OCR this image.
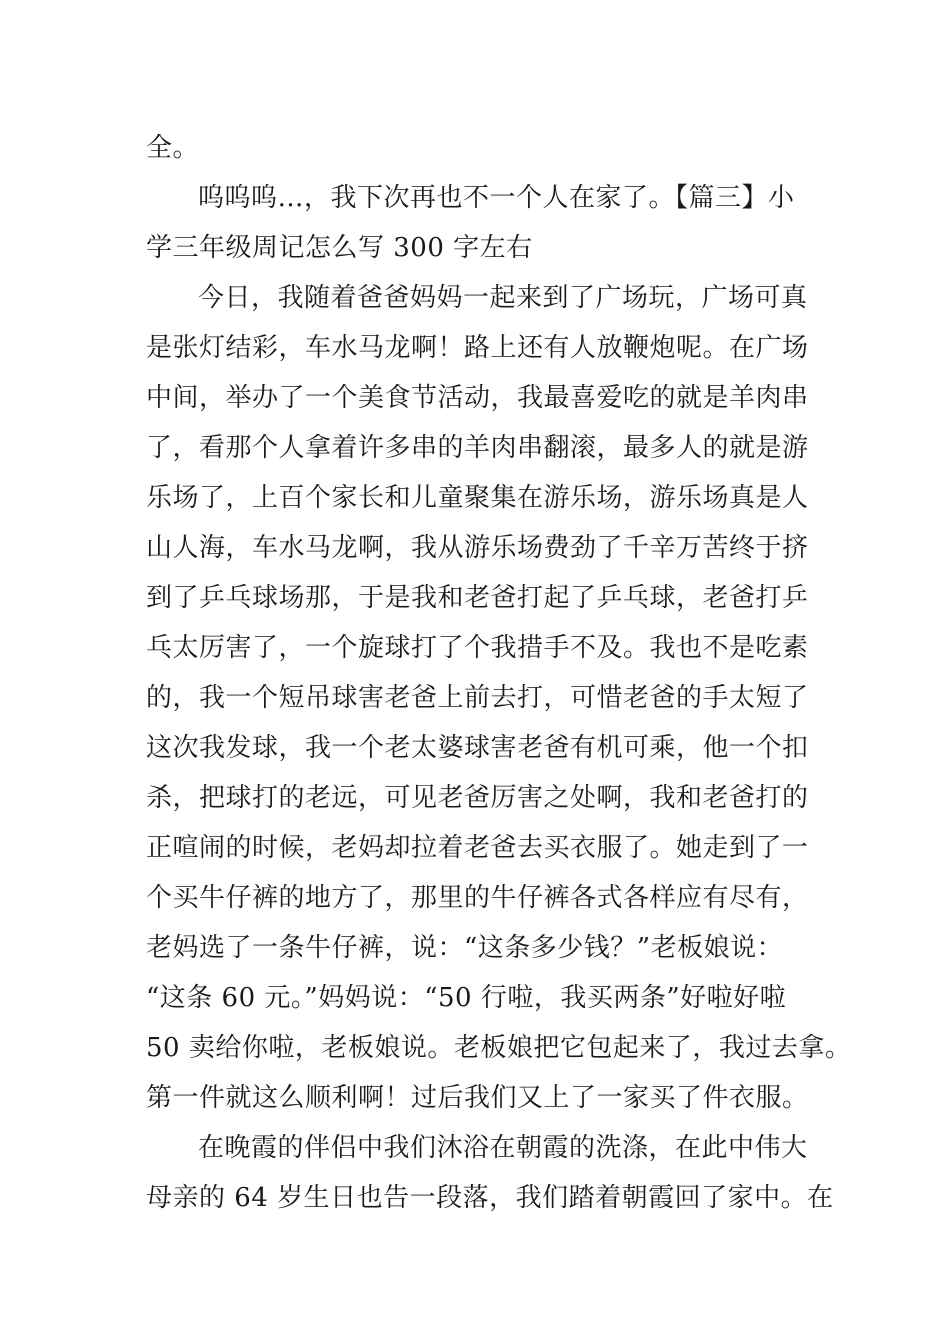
全。
呜呜呜…，我下次再也不一个人在家了。【篇三】小
学三年级周记怎么写 300 字左右
今日，我随着爸爸妈妈一起来到了广场玩，广场可真
是张灯结彩，车水马龙啊！路上还有人放鞭炮呢。在广场
中间，举办了一个美食节活动，我最喜爱吃的就是羊肉串
了，看那个人拿着许多串的羊肉串翻滚，最多人的就是游
乐场了，上百个家长和儿童聚集在游乐场，游乐场真是人
山人海，车水马龙啊，我从游乐场费劲了千辛万苦终于挤
到了乒乓球场那，于是我和老爸打起了乒乓球，老爸打乒
乓太厉害了，一个旋球打了个我措手不及。我也不是吃素
的，我一个短吊球害老爸上前去打，可惜老爸的手太短了
这次我发球，我一个老太婆球害老爸有机可乘，他一个扣
杀，把球打的老远，可见老爸厉害之处啊，我和老爸打的
正喧闹的时候，老妈却拉着老爸去买衣服了。她走到了一
个买牛仔裤的地方了，那里的牛仔裤各式各样应有尽有，
老妈选了一条牛仔裤，说：“这条多少钱？”老板娘说：
“这条 60 元。”妈妈说：“50 行啦，我买两条”好啦好啦
50 卖给你啦，老板娘说。老板娘把它包起来了，我过去拿。
第一件就这么顺利啊！过后我们又上了一家买了件衣服。
在晚霞的伴侣中我们沐浴在朝霞的洗涤，在此中伟大
母亲的 64 岁生日也告一段落，我们踏着朝霞回了家中。在
